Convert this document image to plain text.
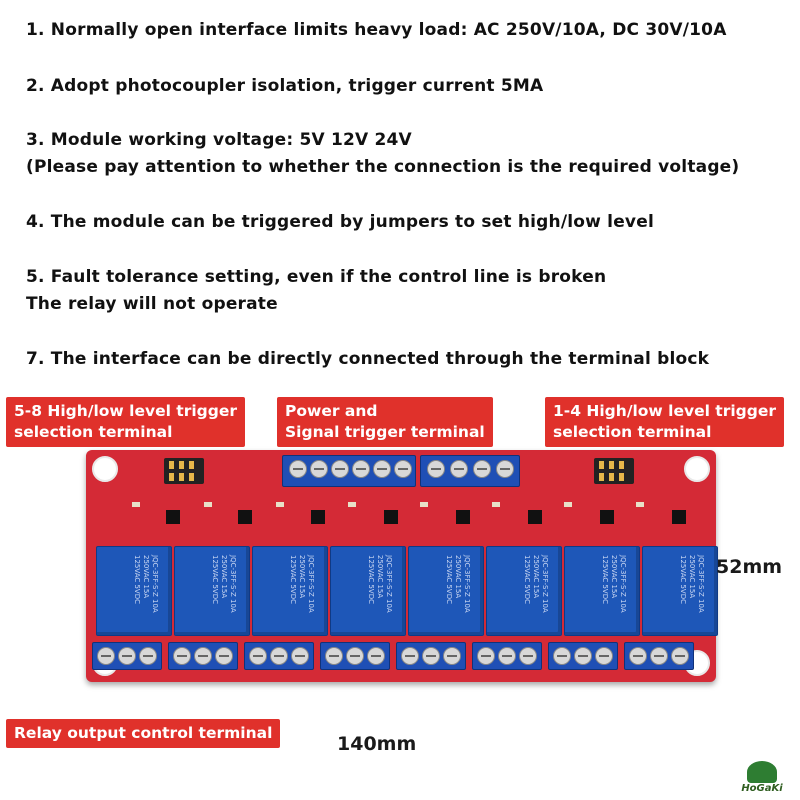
1. Normally open interface limits heavy load: AC 250V/10A, DC 30V/10A
2. Adopt photocoupler isolation, trigger current 5MA
3. Module working voltage: 5V 12V 24V
(Please pay attention to whether the connection is the required voltage)
4. The module can be triggered by jumpers to set high/low level
5. Fault tolerance setting, even if the control line is broken
The relay will not operate
7. The interface can be directly connected through the terminal block
JQC-3FF-S-Z 10A 250VAC 15A 125VAC 5VDC	JQC-3FF-S-Z 10A 250VAC 15A 125VAC 5VDC	JQC-3FF-S-Z 10A 250VAC 15A 125VAC 5VDC	JQC-3FF-S-Z 10A 250VAC 15A 125VAC 5VDC	JQC-3FF-S-Z 10A 250VAC 15A 125VAC 5VDC	JQC-3FF-S-Z 10A 250VAC 15A 125VAC 5VDC	JQC-3FF-S-Z 10A 250VAC 15A 125VAC 5VDC	JQC-3FF-S-Z 10A 250VAC 15A 125VAC 5VDC
5-8 High/low level trigger
selection terminal
Power and
Signal trigger terminal
1-4 High/low level trigger
selection terminal
Relay output control terminal
52mm
140mm
HoGaKi
